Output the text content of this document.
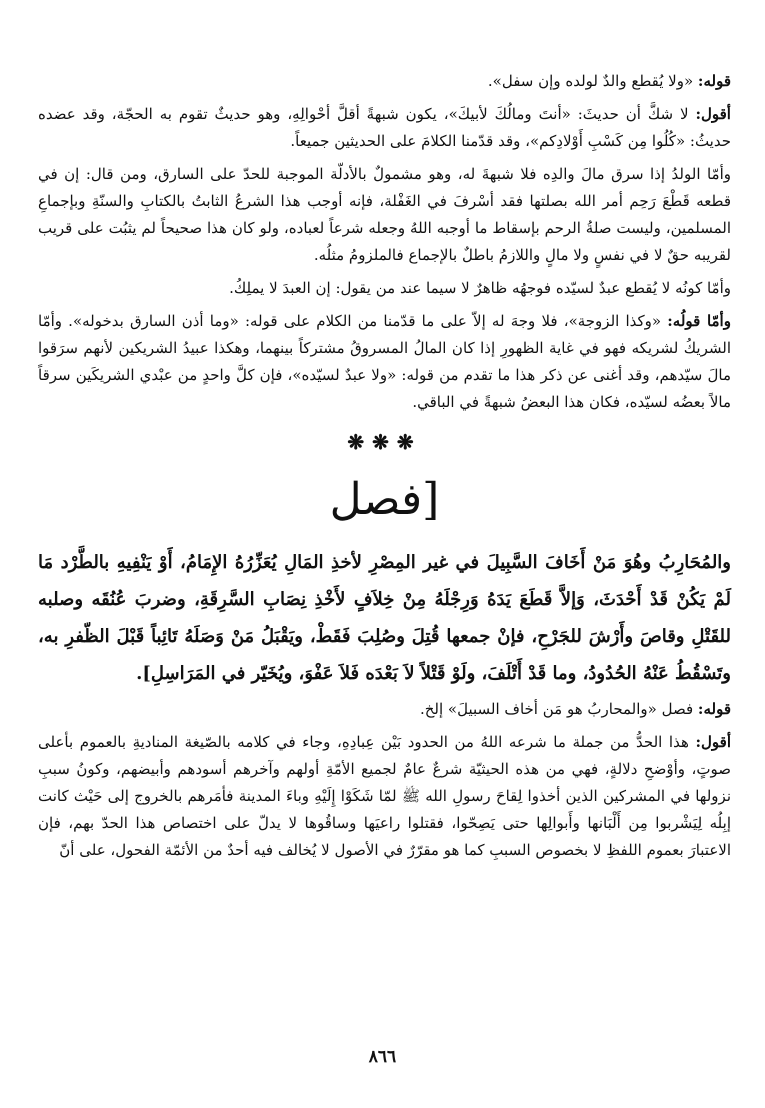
قوله: «ولا يُقطع والدٌ لولده وإن سفل».

أقول: لا شكَّ أن حديثَ: «أنتَ ومالُكَ لأبيكَ»، يكون شبهةً أقلَّ أحْوالِهِ، وهو حديثٌ تقوم به الحجّة، وقد عضده حديثُ: «كُلُوا مِن كَسْبِ أَوْلادِكم»، وقد قدّمنا الكلامَ على الحديثين جميعاً.

وأمّا الولدُ إذا سرق مالَ والدِه فلا شبهةَ له، وهو مشمولٌ بالأدلّة الموجبة للحدّ على السارق، ومن قال: إن في قطعه قَطْعَ رَحِم أمر الله بصلتها فقد أسْرفَ في الغَفْلة، فإنه أوجب هذا الشرعُ الثابتُ بالكتابِ والسنّةِ وبإجماعِ المسلمين، وليست صلةُ الرحم بإسقاط ما أوجبه اللهُ وجعله شرعاً لعباده، ولو كان هذا صحيحاً لم يثبُت على قريب لقريبه حقٌ لا في نفسٍ ولا مالٍ واللازمُ باطلٌ بالإجماع فالملزومُ مثلُه.

وأمّا كونُه لا يُقطع عبدٌ لسيّده فوجهُه ظاهرٌ لا سيما عند من يقول: إن العبدَ لا يملِكُ.

وأمّا قولُه: «وكذا الزوجة»، فلا وجهَ له إلاّ على ما قدّمنا من الكلام على قوله: «وما أذن السارق بدخوله». وأمّا الشريكُ لشريكه فهو في غاية الظهورِ إذا كان المالُ المسروقُ مشتركاً بينهما، وهكذا عبيدُ الشريكين لأنهم سرَقوا مالَ سيّدهم، وقد أغنى عن ذكر هذا ما تقدم من قوله: «ولا عبدٌ لسيّده»، فإن كلَّ واحدٍ من عبْدي الشريكَين سرقاً مالاً بعضُه لسيّده، فكان هذا البعضُ شبهةً في الباقي.

❋❋❋
[فصل

والمُحَارِبُ وهُوَ مَنْ أَخَافَ السَّبِيلَ في غير المِصْرِ لأخذِ المَالِ يُعَزِّرُهُ الإِمَامُ، أَوْ يَنْفِيهِ بالطَّرْد مَا لَمْ يَكُنْ قَدْ أَحْدَثَ، وَإلاَّ قَطَعَ يَدَهُ وَرِجْلَهُ مِنْ خِلاَفٍ لأَخْذِ نِصَابِ السَّرِقَةِ، وضربَ عُنُقَه وصلبه للقَتْلِ وقاصَ وأَرْشَ للجَرْحِ، فإنْ جمعها قُتِلَ وصُلِبَ فَقَطْ، ويَقْبَلُ مَنْ وَصَلَهُ تَائِباً قَبْلَ الظّفرِ به، وتَسْقُطُ عَنْهُ الحُدُودُ، وما قَدْ أَتْلَفَ، ولَوْ قَتْلاً لاَ بَعْدَه فَلاَ عَفْوَ، ويُخَيّر في المَرَاسِلِ].

قوله: فصل «والمحاربُ هو مَن أخاف السبيلَ» إلخ.

أقول: هذا الحدُّ من جملة ما شرعه اللهُ من الحدود بَيْن عِبادِهِ، وجاء في كلامه بالصّيغة المناديةِ بالعموم بأعلى صوتٍ، وأوْضحِ دلالةٍ، فهي من هذه الحيثيّة شرعٌ عامٌ لجميع الأمّةِ أولهم وآخرهم أسودهم وأبيضهم، وكونُ سببِ نزولها في المشركين الذين أخذوا لِقاحَ رسولِ الله ﷺ لمّا شَكَوْا إِلَيْهِ وباءَ المدينة فأمَرهم بالخروج إلى حَيْث كانت إبِلُه لِيَشْربوا مِن أَلْبَانها وأَبوالِها حتى يَصِحّوا، فقتلوا راعيَها وساقُوها لا يدلّ على اختصاص هذا الحدّ بهم، فإن الاعتبارَ بعموم اللفظِ لا بخصوص السببِ كما هو مقرّرٌ في الأصول لا يُخالف فيه أحدٌ من الأئمّة الفحول، على أنّ

٨٦٦
